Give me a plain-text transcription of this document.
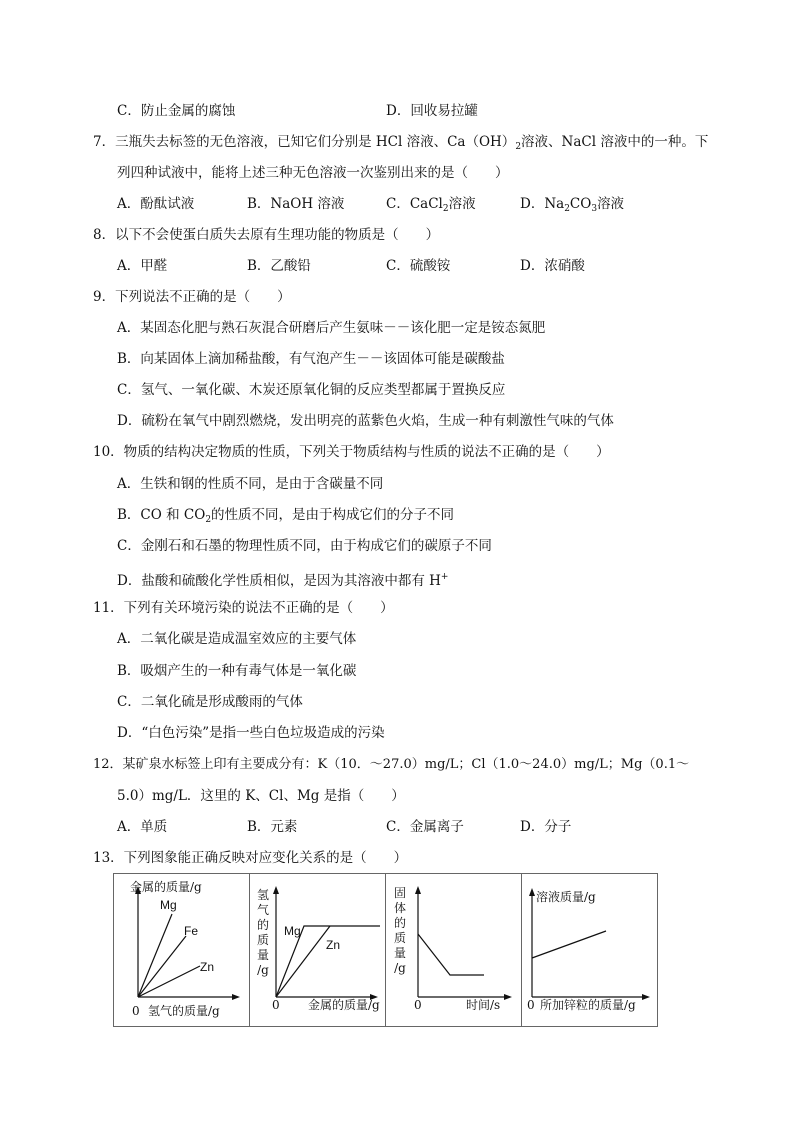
C．防止金属的腐蚀	D．回收易拉罐
7．三瓶失去标签的无色溶液，已知它们分别是 HCl 溶液、$Ca(OH)_2$溶液、NaCl 溶液中的一种。下
列四种试液中，能将上述三种无色溶液一次鉴别出来的是（　　）
A．酚酞试液	B．NaOH 溶液	C．CaCl$_2$溶液	D．$Na_2CO_3$溶液
8．以下不会使蛋白质失去原有生理功能的物质是（　　）
A．甲醛	B．乙酸铅	C．硫酸铵	D．浓硝酸
9．下列说法不正确的是（　　）
A．某固态化肥与熟石灰混合研磨后产生氨味－－该化肥一定是铵态氮肥
B．向某固体上滴加稀盐酸，有气泡产生－－该固体可能是碳酸盐
C．氢气、一氧化碳、木炭还原氧化铜的反应类型都属于置换反应
D．硫粉在氧气中剧烈燃烧，发出明亮的蓝紫色火焰，生成一种有刺激性气味的气体
10．物质的结构决定物质的性质，下列关于物质结构与性质的说法不正确的是（　　）
A．生铁和钢的性质不同，是由于含碳量不同
B．CO 和 $CO_2$的性质不同，是由于构成它们的分子不同
C．金刚石和石墨的物理性质不同，由于构成它们的碳原子不同
D．盐酸和硫酸化学性质相似，是因为其溶液中都有 H+
11．下列有关环境污染的说法不正确的是（　　）
A．二氧化碳是造成温室效应的主要气体
B．吸烟产生的一种有毒气体是一氧化碳
C．二氧化硫是形成酸雨的气体
D．“白色污染”是指一些白色垃圾造成的污染
12．某矿泉水标签上印有主要成分有：K（10．～27.0）mg/L；Cl（1.0～24.0）mg/L；Mg（0.1～
5.0）mg/L．这里的 K、Cl、Mg 是指（　　）
A．单质	B．元素	C．金属离子	D．分子
13．下列图象能正确反映对应变化关系的是（　　）
金属的质量/g
Mg
Fe
Zn
0 氢气的质量/g
氢
气
的
质
量
/g
Mg
Zn
0 金属的质量/g
固
体
的
质
量
/g
0	时间/s
溶液质量/g
0 所加锌粒的质量/g
